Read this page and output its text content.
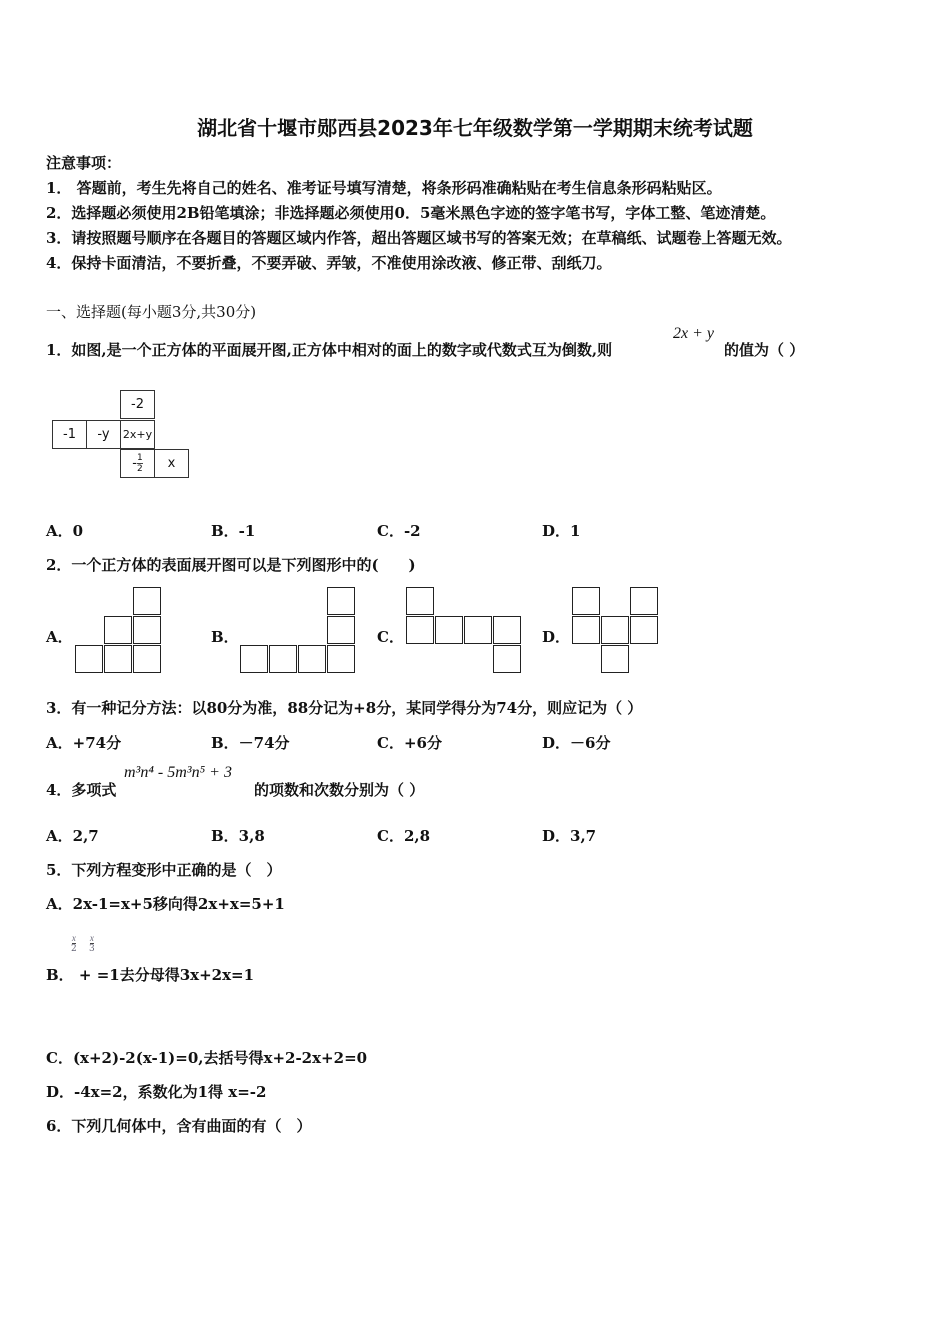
湖北省十堰市郧西县2023年七年级数学第一学期期末统考试题
注意事项：
1． 答题前，考生先将自己的姓名、准考证号填写清楚，将条形码准确粘贴在考生信息条形码粘贴区。
2．选择题必须使用2B铅笔填涂；非选择题必须使用0．5毫米黑色字迹的签字笔书写，字体工整、笔迹清楚。
3．请按照题号顺序在各题目的答题区域内作答，超出答题区域书写的答案无效；在草稿纸、试题卷上答题无效。
4．保持卡面清洁，不要折叠，不要弄破、弄皱，不准使用涂改液、修正带、刮纸刀。
一、选择题(每小题3分,共30分)
1．如图,是一个正方体的平面展开图,正方体中相对的面上的数字或代数式互为倒数,则
2x + y
的值为（ ）
-2
-1	-y	2x+y
- $\frac{1}{2}$	x
A．0	B．-1	C．-2	D．1
2．一个正方体的表面展开图可以是下列图形中的(　　)
A．	B．	C．	D．
3．有一种记分方法：以80分为准，88分记为+8分，某同学得分为74分，则应记为（ ）
A．+74分	B．－74分	C．+6分	D．－6分
4．多项式
m³n⁴ - 5m³n⁵ + 3
的项数和次数分别为（ ）
A．2,7	B．3,8	C．2,8	D．3,7
5．下列方程变形中正确的是（　）
A．2x-1=x+5移向得2x+x=5+1
$\frac{x}{2} \frac{x}{3}$
B． + =1去分母得3x+2x=1
C．(x+2)-2(x-1)=0,去括号得x+2-2x+2=0
D．-4x=2，系数化为1得 x=-2
6．下列几何体中，含有曲面的有（　）
